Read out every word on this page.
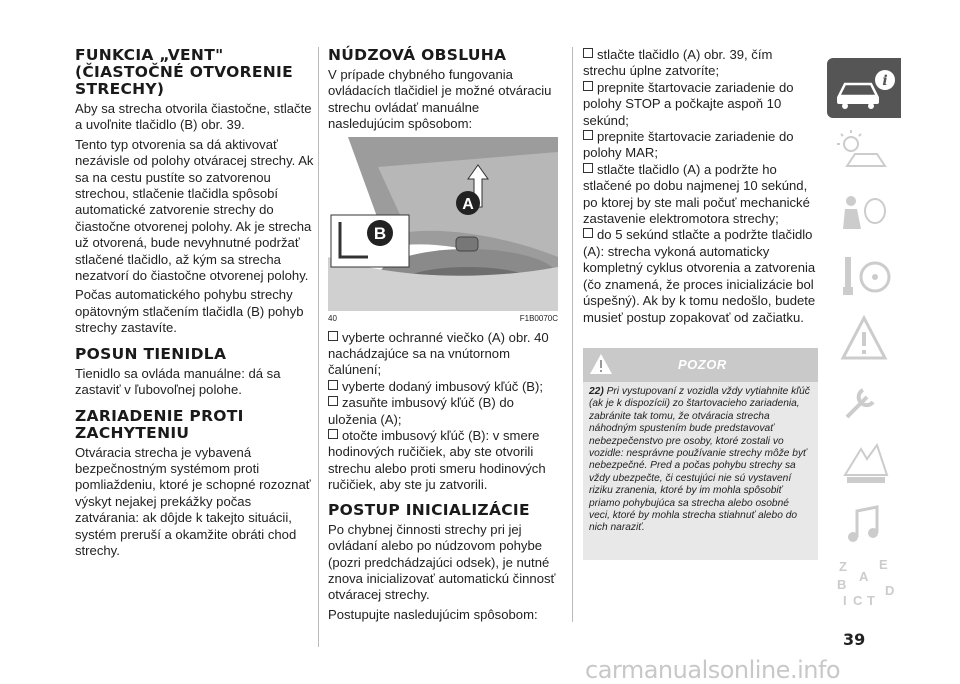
FUNKCIA „VENT" (ČIASTOČNÉ OTVORENIE STRECHY)

Aby sa strecha otvorila čiastočne, stlačte a uvoľnite tlačidlo (B) obr. 39.

Tento typ otvorenia sa dá aktivovať nezávisle od polohy otváracej strechy. Ak sa na cestu pustíte so zatvorenou strechou, stlačenie tlačidla spôsobí automatické zatvorenie strechy do čiastočne otvorenej polohy. Ak je strecha už otvorená, bude nevyhnutné podržať stlačené tlačidlo, až kým sa strecha nezatvorí do čiastočne otvorenej polohy.

Počas automatického pohybu strechy opätovným stlačením tlačidla (B) pohyb strechy zastavíte.

POSUN TIENIDLA

Tienidlo sa ovláda manuálne: dá sa zastaviť v ľubovoľnej polohe.

ZARIADENIE PROTI ZACHYTENIU

Otváracia strecha je vybavená bezpečnostným systémom proti pomliaždeniu, ktoré je schopné rozoznať výskyt nejakej prekážky počas zatvárania: ak dôjde k takejto situácii, systém preruší a okamžite obráti chod strechy.

NÚDZOVÁ OBSLUHA

V prípade chybného fungovania ovládacích tlačidiel je možné otváraciu strechu ovládať manuálne nasledujúcim spôsobom:

B
A
40	F1B0070C
vyberte ochranné viečko (A) obr. 40 nachádzajúce sa na vnútornom čalúnení;
vyberte dodaný imbusový kľúč (B);
zasuňte imbusový kľúč (B) do uloženia (A);
otočte imbusový kľúč (B): v smere hodinových ručičiek, aby ste otvorili strechu alebo proti smeru hodinových ručičiek, aby ste ju zatvorili.
POSTUP INICIALIZÁCIE

Po chybnej činnosti strechy pri jej ovládaní alebo po núdzovom pohybe (pozri predchádzajúci odsek), je nutné znova inicializovať automatickú činnosť otváracej strechy.

Postupujte nasledujúcim spôsobom:

stlačte tlačidlo (A) obr. 39, čím strechu úplne zatvoríte;
prepnite štartovacie zariadenie do polohy STOP a počkajte aspoň 10 sekúnd;
prepnite štartovacie zariadenie do polohy MAR;
stlačte tlačidlo (A) a podržte ho stlačené po dobu najmenej 10 sekúnd, po ktorej by ste mali počuť mechanické zastavenie elektromotora strechy;
do 5 sekúnd stlačte a podržte tlačidlo (A): strecha vykoná automaticky kompletný cyklus otvorenia a zatvorenia (čo znamená, že proces inicializácie bol úspešný). Ak by k tomu nedošlo, budete musieť postup zopakovať od začiatku.
POZOR
22) Pri vystupovaní z vozidla vždy vytiahnite kľúč (ak je k dispozícii) zo štartovacieho zariadenia, zabránite tak tomu, že otváracia strecha náhodným spustením bude predstavovať nebezpečenstvo pre osoby, ktoré zostali vo vozidle: nesprávne používanie strechy môže byť nebezpečné. Pred a počas pohybu strechy sa vždy ubezpečte, či cestujúci nie sú vystavení riziku zranenia, ktoré by im mohla spôsobiť priamo pohybujúca sa strecha alebo osobné veci, ktoré by mohla strecha stiahnuť alebo do nich naraziť.
i
Z E
B
A
C T
D
I
39
carmanualsonline.info
